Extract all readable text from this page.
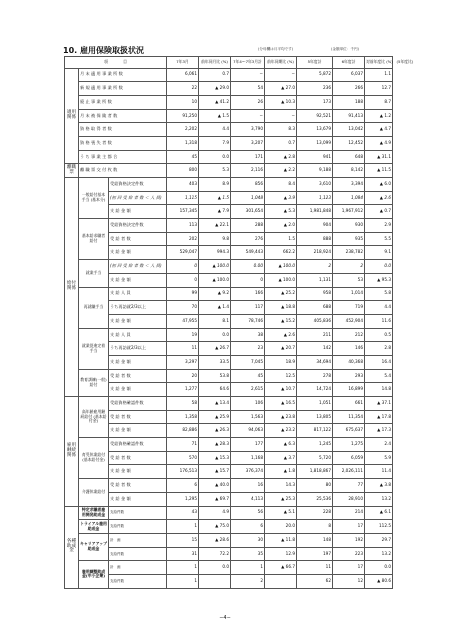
10. 雇用保険取扱状況	(分母欄は月平均です)	(金額単位：千円)
項　　　　目			7年3月	前年同月比 (%)	7年4〜7年3月計	前年同期比 (%)	5年度計	6年度計	対前年度比 (%)　(5年度比)
適用関係	月 末 適 用 事 業 所 数		6,061	0.7	−	−	5,872	6,037	1.1
	新 規 適 用 事 業 所 数		22	▲ 29.0	54	▲ 27.0	236	266	12.7
	廃 止 事 業 所 数		10	▲ 41.2	26	▲ 10.3	173	188	8.7
	月 末 被 保 険 者 数		91,250	▲ 1.5	−	−	92,521	91,413	▲ 1.2
	資 格 取 得 者 数		2,202	4.4	3,790	8.3	13,679	13,042	▲ 4.7
	資 格 喪 失 者 数		1,318	7.9	3,207	0.7	13,099	12,452	▲ 4.9
	う ち 事 業 主 都 合		45	0.0	171	▲ 2.8	941	648	▲ 31.1
離職票	離 職 票 交 付 枚 数		800	5.3	2,116	▲ 2.2	9,188	8,142	▲ 11.5
給付関係	一般給付基本手当 (基本分)	受給資格決定件数	403	8.9	856	8.4	3,610	3,394	▲ 6.0
		(初 回 受 給 者 数 ＜ 人 員)	1,115	▲ 1.5	1,048	▲ 3.9	1,123	1,084	▲ 2.6
		支 給 金 額	157,345	▲ 7.9	301,654	▲ 5.3	1,981,848	1,967,912	▲ 0.7
	基本給求職者給付	受給資格決定件数	113	▲ 22.1	288	▲ 2.0	904	930	2.9
		受 給 者 数	202	9.8	276	1.5	888	935	5.5
		支 給 金 額	529,047	994.3	549,443	662.2	218,924	238,782	9.1
	就業手当	(初 回 受 給 者 数 ＜ 人 員)	0	▲ 100.0	0.00	▲ 100.0	2	2	0.0
		支 給 金 額	0	▲ 100.0	0	▲ 100.0	1,131	53	▲ 95.3
	再就職手当	支 給 人 員	99	▲ 9.2	166	▲ 25.2	958	1,014	5.8
		うち再訪就2/3以上	70	▲ 1.4	117	▲ 18.8	688	719	4.4
		支 給 金 額	47,955	8.1	78,746	▲ 15.2	405,836	452,904	11.6
	就業促進定着手当	支 給 人 員	19	0.0	38	▲ 2.6	211	212	0.5
		うち再訪就2/3以上	11	▲ 26.7	23	▲ 20.7	142	146	2.8
		支 給 金 額	3,297	33.5	7,045	18.9	34,694	40,368	16.4
	教育訓練(一般)給付	受 給 者 数	20	53.8	45	12.5	278	293	5.4
		支 給 金 額	1,277	64.6	2,615	▲ 10.7	14,724	16,899	14.8
雇用継続関係	高年齢雇用継続給付 (基本給付金)	受給資格確認件数	58	▲ 13.4	106	▲ 16.5	1,051	661	▲ 37.1
		受 給 者 数	1,358	▲ 25.9	1,563	▲ 23.8	13,805	11,354	▲ 17.8
		支 給 金 額	82,886	▲ 26.3	94,063	▲ 23.2	817,122	675,637	▲ 17.3
	育児休業給付 (基本給付金)	受給資格確認件数	71	▲ 28.3	177	▲ 6.3	1,245	1,275	2.4
		受 給 者 数	570	▲ 15.3	1,168	▲ 3.7	5,720	6,059	5.9
		支 給 金 額	176,513	▲ 15.7	376,374	▲ 1.8	1,818,867	2,026,111	11.4
	介護休業給付	受 給 者 数	6	▲ 40.0	16	14.3	80	77	▲ 3.8
		支 給 金 額	1,295	▲ 69.7	4,113	▲ 25.3	25,536	28,910	13.2
各種助成金	特定求職者雇用開発助成金	支給件数	43	4.9	56	▲ 5.1	228	214	▲ 6.1
	トライアル雇用助成金	支給件数	1	▲ 75.0	6	20.0	8	17	112.5
	キャリアアップ助成金	計　画	15	▲ 28.6	30	▲ 11.8	148	192	29.7
		支給件数	31	72.2	35	12.9	197	223	13.2
	雇用調整助成金(中小企業)	計　画	1	0.0	1	▲ 66.7	11	17	0.0
		支給件数	1		2		62	12	▲ 80.6
−4−
